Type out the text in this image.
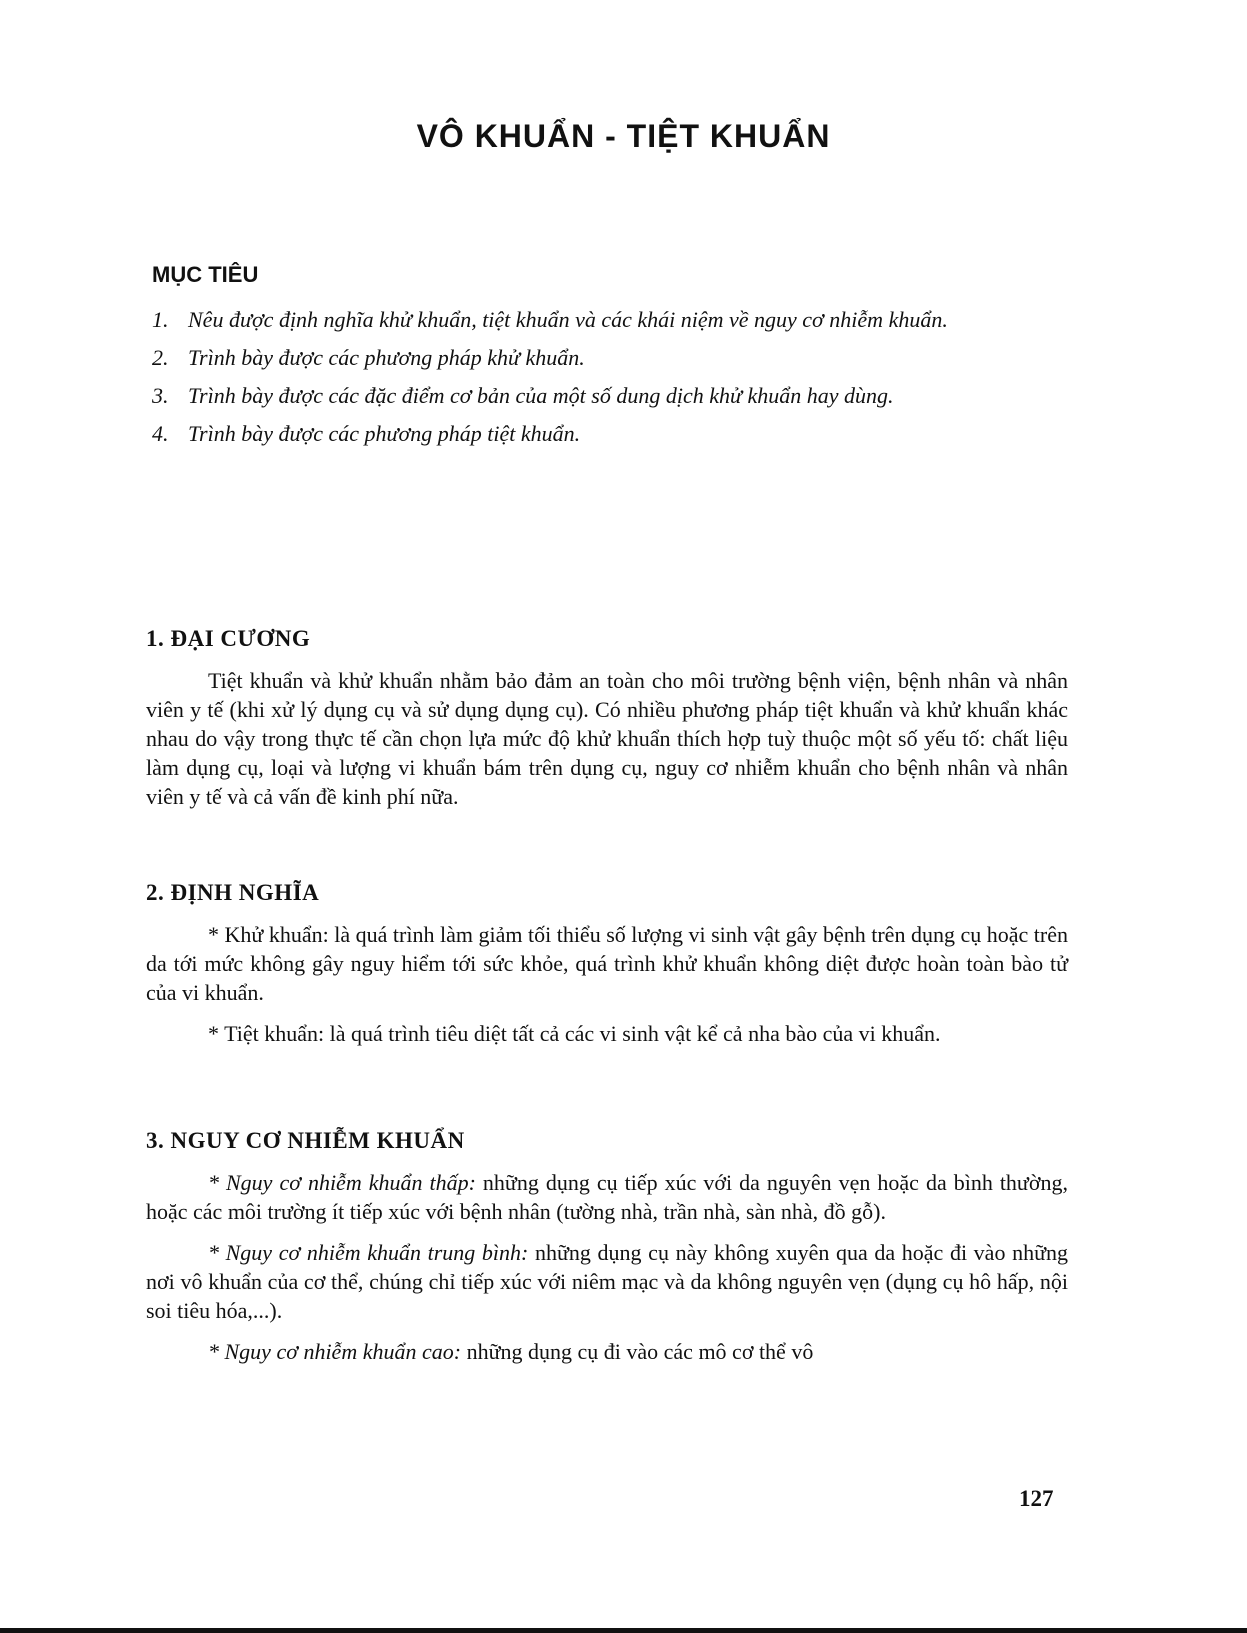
VÔ KHUẨN - TIỆT KHUẨN
MỤC TIÊU
1. Nêu được định nghĩa khử khuẩn, tiệt khuẩn và các khái niệm về nguy cơ nhiễm khuẩn.
2. Trình bày được các phương pháp khử khuẩn.
3. Trình bày được các đặc điểm cơ bản của một số dung dịch khử khuẩn hay dùng.
4. Trình bày được các phương pháp tiệt khuẩn.
1. ĐẠI CƯƠNG

Tiệt khuẩn và khử khuẩn nhằm bảo đảm an toàn cho môi trường bệnh viện, bệnh nhân và nhân viên y tế (khi xử lý dụng cụ và sử dụng dụng cụ). Có nhiều phương pháp tiệt khuẩn và khử khuẩn khác nhau do vậy trong thực tế cần chọn lựa mức độ khử khuẩn thích hợp tuỳ thuộc một số yếu tố: chất liệu làm dụng cụ, loại và lượng vi khuẩn bám trên dụng cụ, nguy cơ nhiễm khuẩn cho bệnh nhân và nhân viên y tế và cả vấn đề kinh phí nữa.

2. ĐỊNH NGHĨA

* Khử khuẩn: là quá trình làm giảm tối thiểu số lượng vi sinh vật gây bệnh trên dụng cụ hoặc trên da tới mức không gây nguy hiểm tới sức khỏe, quá trình khử khuẩn không diệt được hoàn toàn bào tử của vi khuẩn.

* Tiệt khuẩn: là quá trình tiêu diệt tất cả các vi sinh vật kể cả nha bào của vi khuẩn.

3. NGUY CƠ NHIỄM KHUẨN

* Nguy cơ nhiễm khuẩn thấp: những dụng cụ tiếp xúc với da nguyên vẹn hoặc da bình thường, hoặc các môi trường ít tiếp xúc với bệnh nhân (tường nhà, trần nhà, sàn nhà, đồ gỗ).

* Nguy cơ nhiễm khuẩn trung bình: những dụng cụ này không xuyên qua da hoặc đi vào những nơi vô khuẩn của cơ thể, chúng chỉ tiếp xúc với niêm mạc và da không nguyên vẹn (dụng cụ hô hấp, nội soi tiêu hóa,...).

* Nguy cơ nhiễm khuẩn cao: những dụng cụ đi vào các mô cơ thể vô

127
